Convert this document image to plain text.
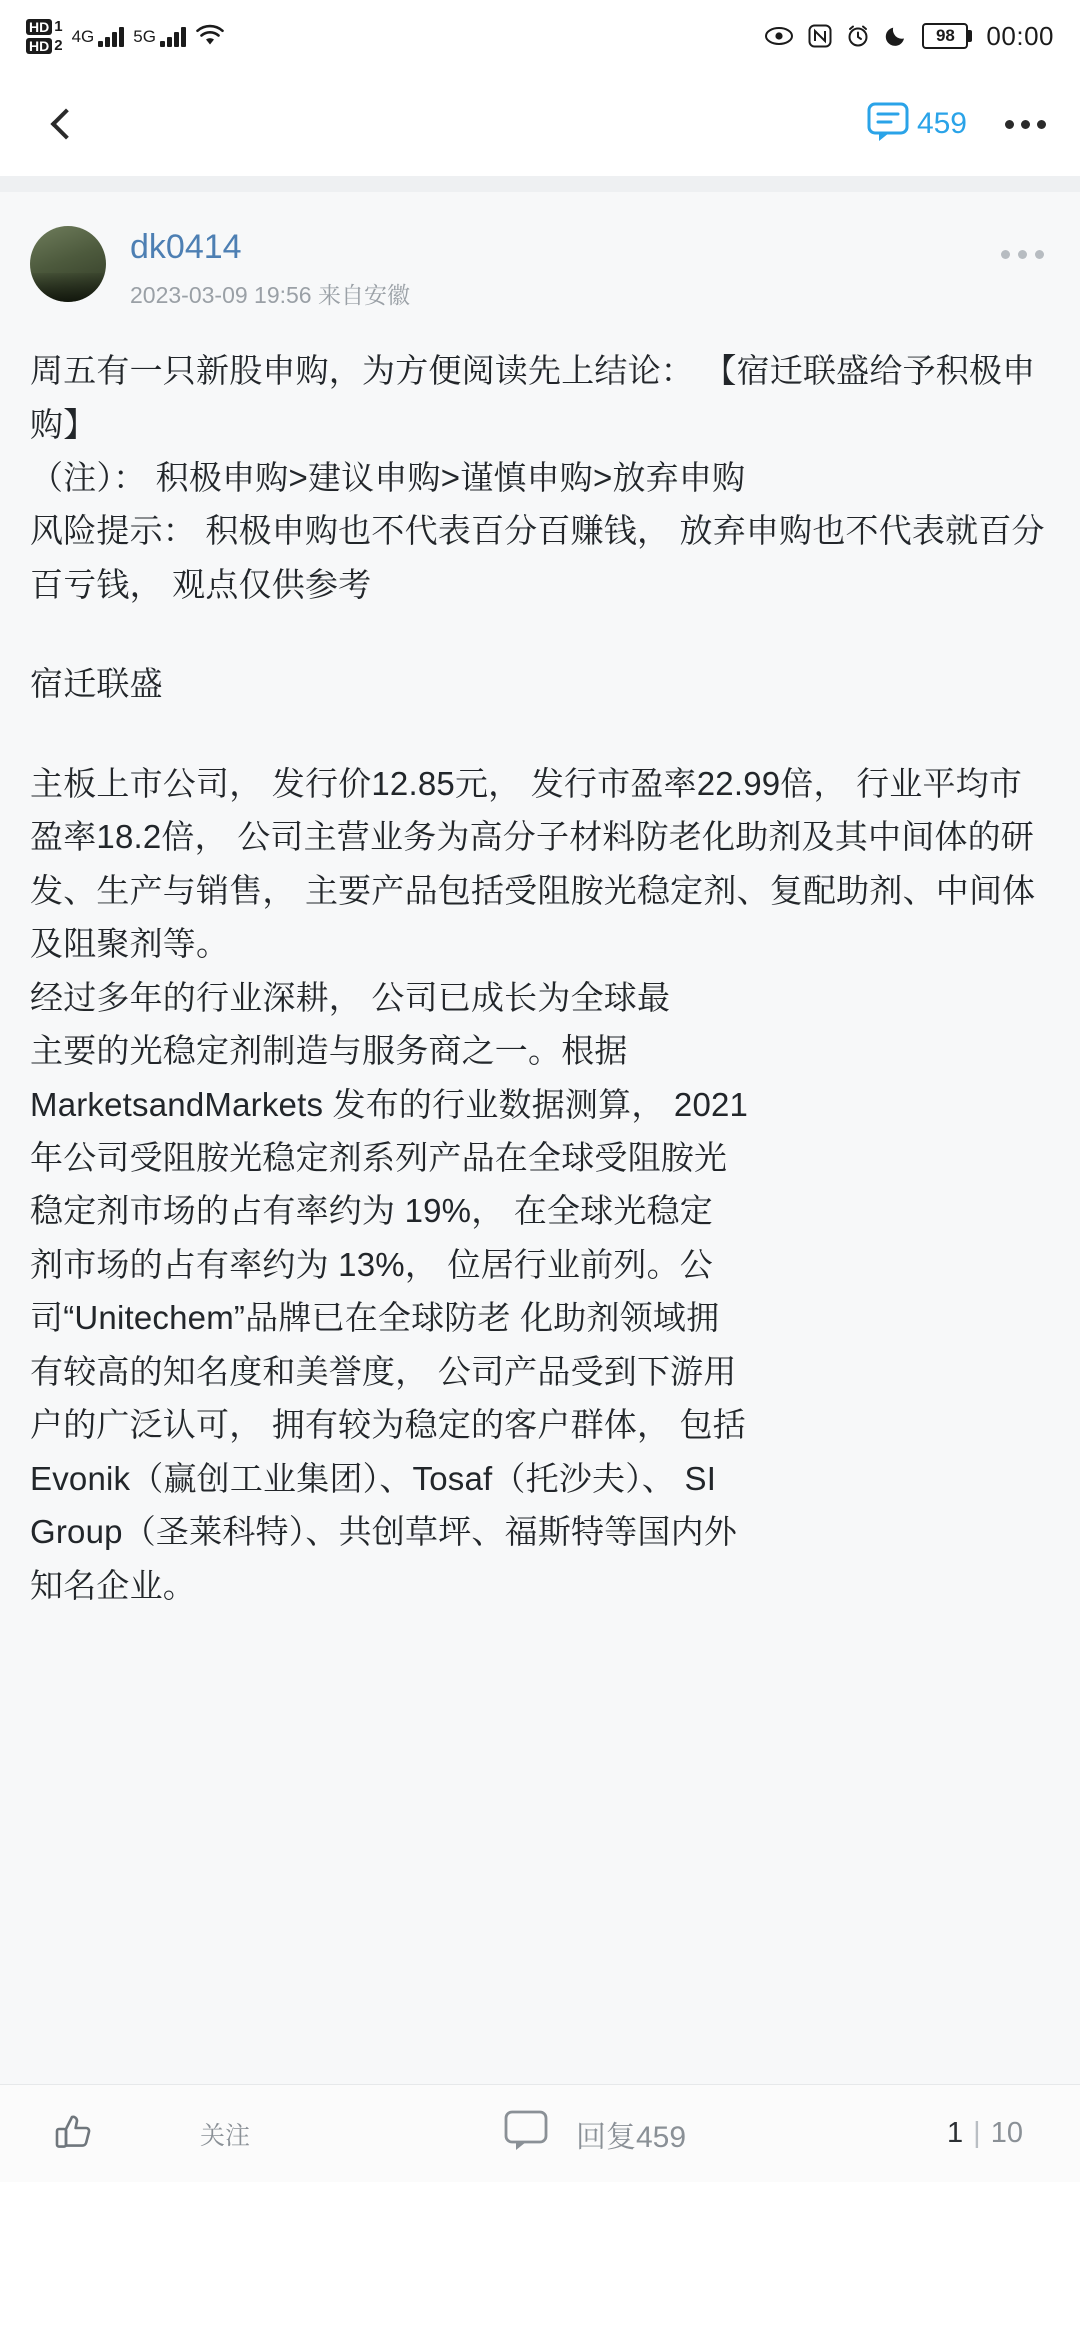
HD 1
HD 2 4G 5G	98	00:00
459
dk0414
2023-03-09 19:56 来自安徽

周五有一只新股申购，为方便阅读先上结论： 【宿迁联盛给予积极申购】

（注）： 积极申购>建议申购>谨慎申购>放弃申购

风险提示： 积极申购也不代表百分百赚钱， 放弃申购也不代表就百分百亏钱， 观点仅供参考

宿迁联盛

主板上市公司， 发行价12.85元， 发行市盈率22.99倍， 行业平均市盈率18.2倍， 公司主营业务为高分子材料防老化助剂及其中间体的研发、生产与销售， 主要产品包括受阻胺光稳定剂、复配助剂、中间体及阻聚剂等。

经过多年的行业深耕， 公司已成长为全球最

主要的光稳定剂制造与服务商之一。根据

MarketsandMarkets 发布的行业数据测算， 2021

年公司受阻胺光稳定剂系列产品在全球受阻胺光

稳定剂市场的占有率约为 19%， 在全球光稳定

剂市场的占有率约为 13%， 位居行业前列。公

司“Unitechem”品牌已在全球防老 化助剂领域拥

有较高的知名度和美誉度， 公司产品受到下游用

户的广泛认可， 拥有较为稳定的客户群体， 包括

Evonik（赢创工业集团）、Tosaf（托沙夫）、 SI

Group（圣莱科特）、共创草坪、福斯特等国内外

知名企业。

关注	回复459	1 | 10
